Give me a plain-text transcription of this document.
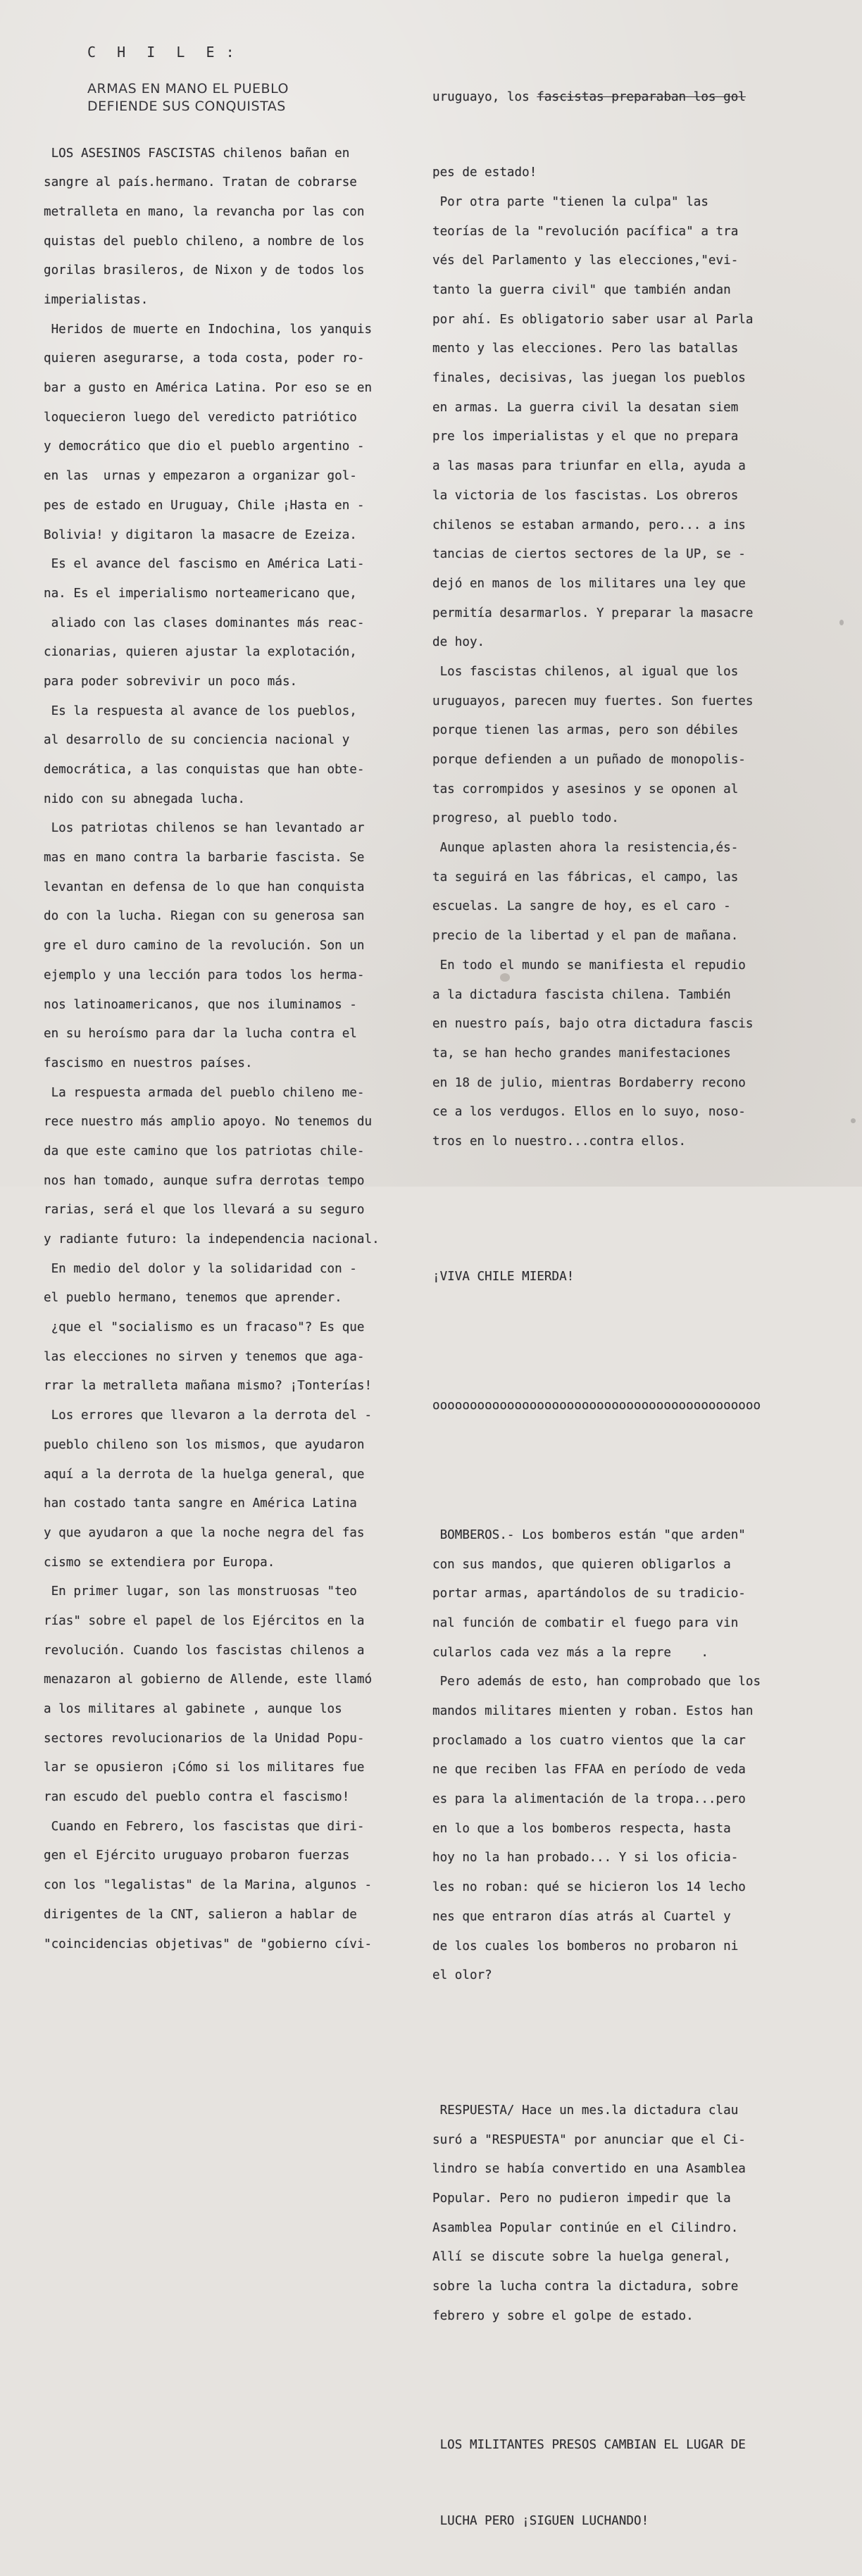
C  H  I  L  E :
ARMAS EN MANO EL PUEBLO
DEFIENDE SUS CONQUISTAS

LOS ASESINOS FASCISTAS chilenos bañan en

sangre al país.hermano. Tratan de cobrarse

metralleta en mano, la revancha por las con

quistas del pueblo chileno, a nombre de los

gorilas brasileros, de Nixon y de todos los

imperialistas.

Heridos de muerte en Indochina, los yanquis

quieren asegurarse, a toda costa, poder ro-

bar a gusto en América Latina. Por eso se en

loquecieron luego del veredicto patriótico

y democrático que dio el pueblo argentino -

en las  urnas y empezaron a organizar gol-

pes de estado en Uruguay, Chile ¡Hasta en -

Bolivia! y digitaron la masacre de Ezeiza.

Es el avance del fascismo en América Lati-

na. Es el imperialismo norteamericano que,

aliado con las clases dominantes más reac-

cionarias, quieren ajustar la explotación,

para poder sobrevivir un poco más.

Es la respuesta al avance de los pueblos,

al desarrollo de su conciencia nacional y

democrática, a las conquistas que han obte-

nido con su abnegada lucha.

Los patriotas chilenos se han levantado ar

mas en mano contra la barbarie fascista. Se

levantan en defensa de lo que han conquista

do con la lucha. Riegan con su generosa san

gre el duro camino de la revolución. Son un

ejemplo y una lección para todos los herma-

nos latinoamericanos, que nos iluminamos -

en su heroísmo para dar la lucha contra el

fascismo en nuestros países.

La respuesta armada del pueblo chileno me-

rece nuestro más amplio apoyo. No tenemos du

da que este camino que los patriotas chile-

nos han tomado, aunque sufra derrotas tempo

rarias, será el que los llevará a su seguro

y radiante futuro: la independencia nacional.

En medio del dolor y la solidaridad con -

el pueblo hermano, tenemos que aprender.

¿que el "socialismo es un fracaso"? Es que

las elecciones no sirven y tenemos que aga-

rrar la metralleta mañana mismo? ¡Tonterías!

Los errores que llevaron a la derrota del -

pueblo chileno son los mismos, que ayudaron

aquí a la derrota de la huelga general, que

han costado tanta sangre en América Latina

y que ayudaron a que la noche negra del fas

cismo se extendiera por Europa.

En primer lugar, son las monstruosas "teo

rías" sobre el papel de los Ejércitos en la

revolución. Cuando los fascistas chilenos a

menazaron al gobierno de Allende, este llamó

a los militares al gabinete , aunque los

sectores revolucionarios de la Unidad Popu-

lar se opusieron ¡Cómo si los militares fue

ran escudo del pueblo contra el fascismo!

Cuando en Febrero, los fascistas que diri-

gen el Ejército uruguayo probaron fuerzas

con los "legalistas" de la Marina, algunos -

dirigentes de la CNT, salieron a hablar de

"coincidencias objetivas" de "gobierno cívi-

uruguayo, los fascistas preparaban los gol

pes de estado!

Por otra parte "tienen la culpa" las

teorías de la "revolución pacífica" a tra

vés del Parlamento y las elecciones,"evi-

tanto la guerra civil" que también andan

por ahí. Es obligatorio saber usar al Parla

mento y las elecciones. Pero las batallas

finales, decisivas, las juegan los pueblos

en armas. La guerra civil la desatan siem

pre los imperialistas y el que no prepara

a las masas para triunfar en ella, ayuda a

la victoria de los fascistas. Los obreros

chilenos se estaban armando, pero... a ins

tancias de ciertos sectores de la UP, se -

dejó en manos de los militares una ley que

permitía desarmarlos. Y preparar la masacre

de hoy.

Los fascistas chilenos, al igual que los

uruguayos, parecen muy fuertes. Son fuertes

porque tienen las armas, pero son débiles

porque defienden a un puñado de monopolis-

tas corrompidos y asesinos y se oponen al

progreso, al pueblo todo.

Aunque aplasten ahora la resistencia,és-

ta seguirá en las fábricas, el campo, las

escuelas. La sangre de hoy, es el caro -

precio de la libertad y el pan de mañana.

En todo el mundo se manifiesta el repudio

a la dictadura fascista chilena. También

en nuestro país, bajo otra dictadura fascis

ta, se han hecho grandes manifestaciones

en 18 de julio, mientras Bordaberry recono

ce a los verdugos. Ellos en lo suyo, noso-

tros en lo nuestro...contra ellos.

¡VIVA CHILE MIERDA!

oooooooooooooooooooooooooooooooooooooooooooo

BOMBEROS.- Los bomberos están "que arden"

con sus mandos, que quieren obligarlos a

portar armas, apartándolos de su tradicio-

nal función de combatir el fuego para vin

cularlos cada vez más a la repre    .

Pero además de esto, han comprobado que los

mandos militares mienten y roban. Estos han

proclamado a los cuatro vientos que la car

ne que reciben las FFAA en período de veda

es para la alimentación de la tropa...pero

en lo que a los bomberos respecta, hasta

hoy no la han probado... Y si los oficia-

les no roban: qué se hicieron los 14 lecho

nes que entraron días atrás al Cuartel y

de los cuales los bomberos no probaron ni

el olor?

RESPUESTA/ Hace un mes.la dictadura clau

suró a "RESPUESTA" por anunciar que el Ci-

lindro se había convertido en una Asamblea

Popular. Pero no pudieron impedir que la

Asamblea Popular continúe en el Cilindro.

Allí se discute sobre la huelga general,

sobre la lucha contra la dictadura, sobre

febrero y sobre el golpe de estado.

LOS MILITANTES PRESOS CAMBIAN EL LUGAR DE

LUCHA PERO ¡SIGUEN LUCHANDO!
